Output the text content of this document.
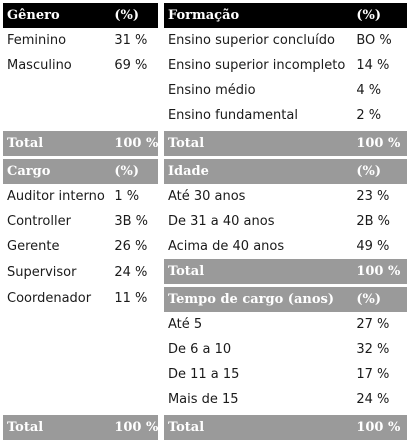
Gênero	(%)	Formação	(%)
Feminino	31 %	Ensino superior concluído	BO %
Masculino	69 %	Ensino superior incompleto	14 %
		Ensino médio	4 %
		Ensino fundamental	2 %
Total	100 %	Total	100 %
Cargo	(%)	Idade	(%)
Auditor interno	1 %	Até 30 anos	23 %
Controller	3B %	De 31 a 40 anos	2B %
Gerente	26 %	Acima de 40 anos	49 %
Supervisor	24 %	Total	100 %
Coordenador	11 %	Tempo de cargo (anos)	(%)
		Até 5	27 %
		De 6 a 10	32 %
		De 11 a 15	17 %
		Mais de 15	24 %
Total	100 %	Total	100 %
